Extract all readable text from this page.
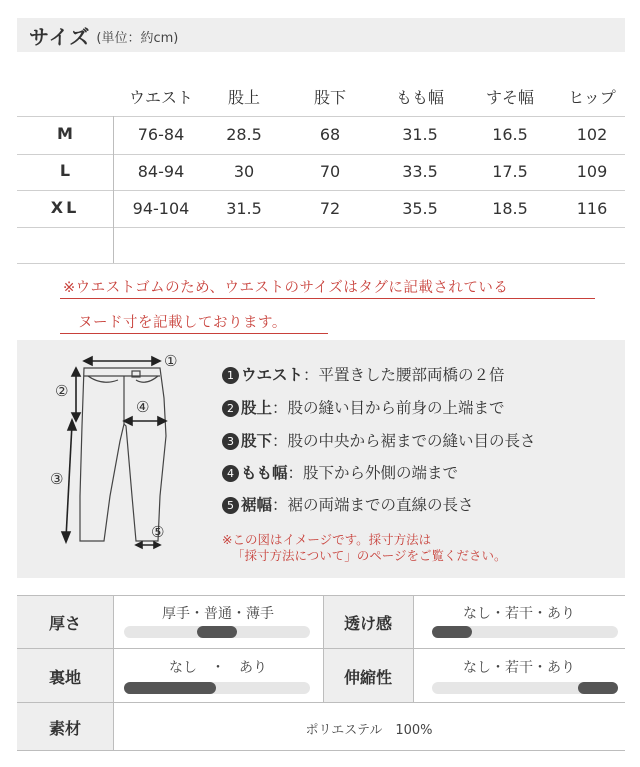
サイズ (単位：約cm)
ウエスト	股上	股下	もも幅	すそ幅	ヒップ
M	76-84	28.5	68	31.5	16.5	102
L	84-94	30	70	33.5	17.5	109
XL	94-104	31.5	72	35.5	18.5	116
※ウエストゴムのため、ウエストのサイズはタグに記載されている
ヌード寸を記載しております。
①
②
③
④
⑤
1 ウエスト：平置きした腰部両橋の２倍
2 股上：股の縫い目から前身の上端まで
3 股下：股の中央から裾までの縫い目の長さ
4 もも幅：股下から外側の端まで
5 裾幅：裾の両端までの直線の長さ
※この図はイメージです。採寸方法は
「採寸方法について」のページをご覧ください。
厚さ	厚手・普通・薄手	透け感	なし・若干・あり
裏地	なし　・　あり	伸縮性	なし・若干・あり
素材	ポリエステル　100%
